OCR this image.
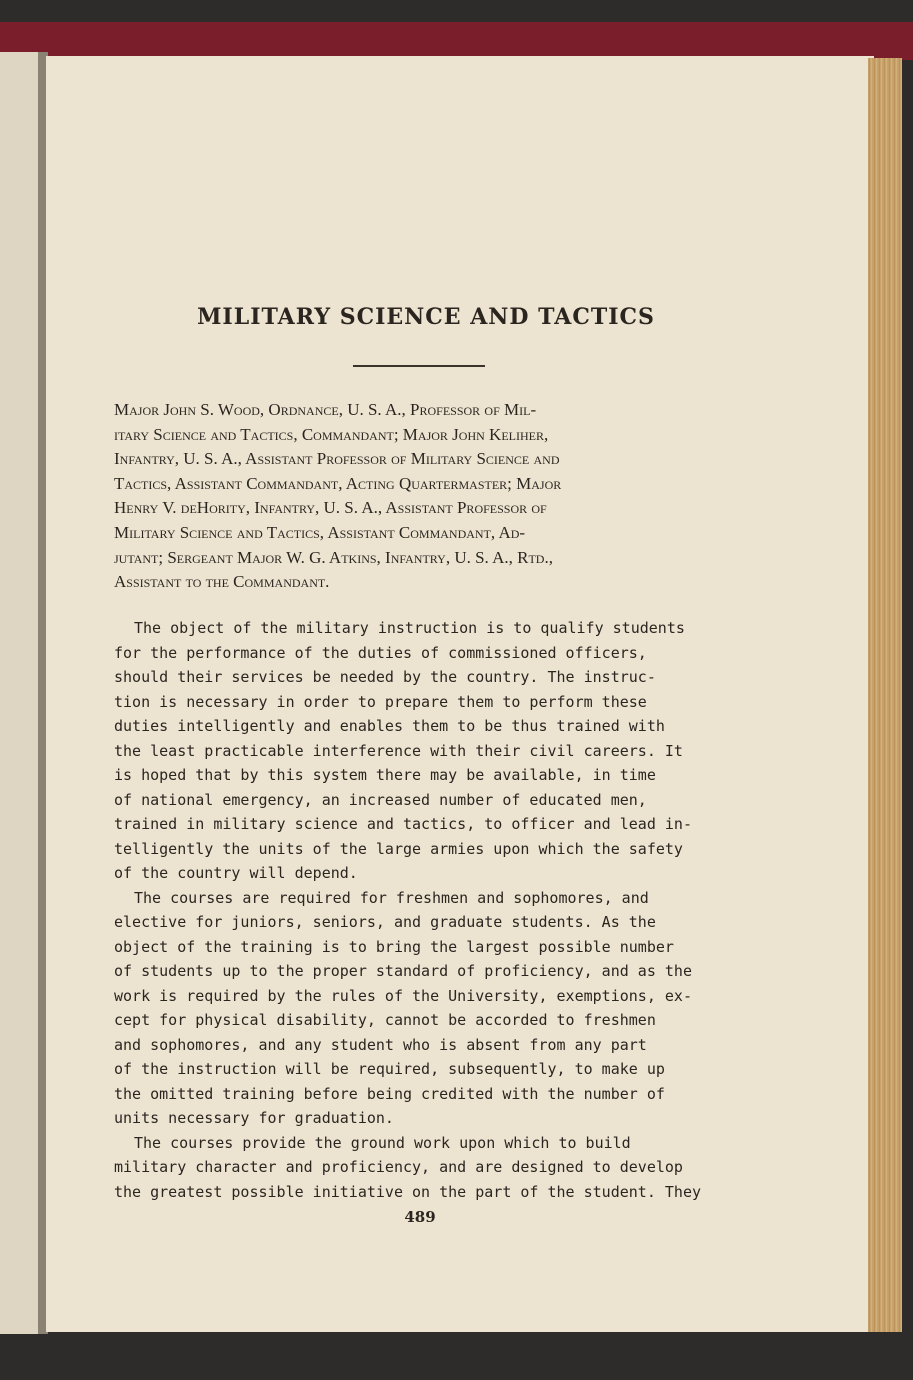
MILITARY SCIENCE AND TACTICS
Major John S. Wood, Ordnance, U. S. A., Professor of Mil-
itary Science and Tactics, Commandant; Major John Keliher,
Infantry, U. S. A., Assistant Professor of Military Science and
Tactics, Assistant Commandant, Acting Quartermaster; Major
Henry V. deHority, Infantry, U. S. A., Assistant Professor of
Military Science and Tactics, Assistant Commandant, Ad-
jutant; Sergeant Major W. G. Atkins, Infantry, U. S. A., Rtd.,
Assistant to the Commandant.
The object of the military instruction is to qualify students
for the performance of the duties of commissioned officers,
should their services be needed by the country. The instruc-
tion is necessary in order to prepare them to perform these
duties intelligently and enables them to be thus trained with
the least practicable interference with their civil careers. It
is hoped that by this system there may be available, in time
of national emergency, an increased number of educated men,
trained in military science and tactics, to officer and lead in-
telligently the units of the large armies upon which the safety
of the country will depend.
The courses are required for freshmen and sophomores, and
elective for juniors, seniors, and graduate students. As the
object of the training is to bring the largest possible number
of students up to the proper standard of proficiency, and as the
work is required by the rules of the University, exemptions, ex-
cept for physical disability, cannot be accorded to freshmen
and sophomores, and any student who is absent from any part
of the instruction will be required, subsequently, to make up
the omitted training before being credited with the number of
units necessary for graduation.
The courses provide the ground work upon which to build
military character and proficiency, and are designed to develop
the greatest possible initiative on the part of the student. They
489
